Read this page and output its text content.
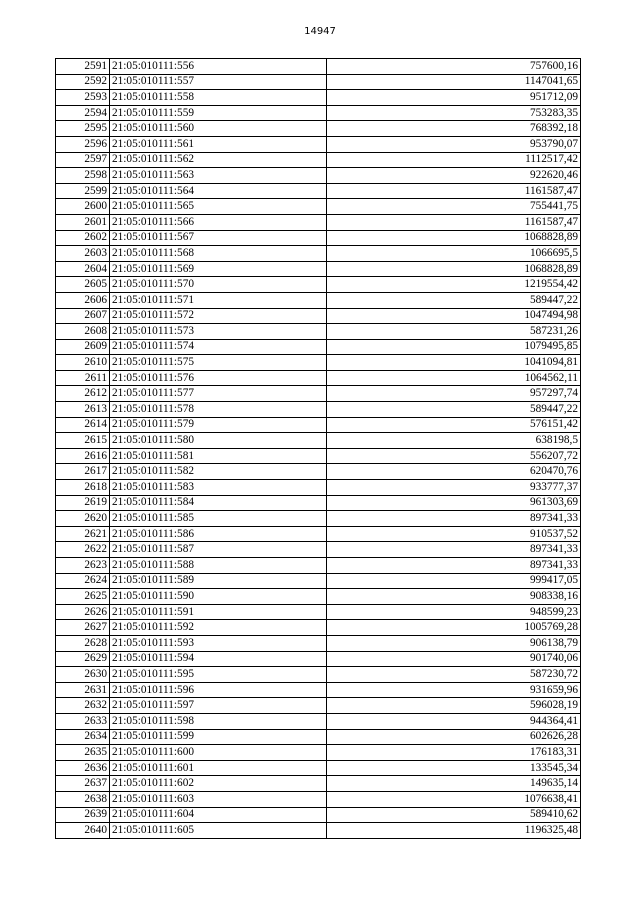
14947
2591	21:05:010111:556	757600,16
2592	21:05:010111:557	1147041,65
2593	21:05:010111:558	951712,09
2594	21:05:010111:559	753283,35
2595	21:05:010111:560	768392,18
2596	21:05:010111:561	953790,07
2597	21:05:010111:562	1112517,42
2598	21:05:010111:563	922620,46
2599	21:05:010111:564	1161587,47
2600	21:05:010111:565	755441,75
2601	21:05:010111:566	1161587,47
2602	21:05:010111:567	1068828,89
2603	21:05:010111:568	1066695,5
2604	21:05:010111:569	1068828,89
2605	21:05:010111:570	1219554,42
2606	21:05:010111:571	589447,22
2607	21:05:010111:572	1047494,98
2608	21:05:010111:573	587231,26
2609	21:05:010111:574	1079495,85
2610	21:05:010111:575	1041094,81
2611	21:05:010111:576	1064562,11
2612	21:05:010111:577	957297,74
2613	21:05:010111:578	589447,22
2614	21:05:010111:579	576151,42
2615	21:05:010111:580	638198,5
2616	21:05:010111:581	556207,72
2617	21:05:010111:582	620470,76
2618	21:05:010111:583	933777,37
2619	21:05:010111:584	961303,69
2620	21:05:010111:585	897341,33
2621	21:05:010111:586	910537,52
2622	21:05:010111:587	897341,33
2623	21:05:010111:588	897341,33
2624	21:05:010111:589	999417,05
2625	21:05:010111:590	908338,16
2626	21:05:010111:591	948599,23
2627	21:05:010111:592	1005769,28
2628	21:05:010111:593	906138,79
2629	21:05:010111:594	901740,06
2630	21:05:010111:595	587230,72
2631	21:05:010111:596	931659,96
2632	21:05:010111:597	596028,19
2633	21:05:010111:598	944364,41
2634	21:05:010111:599	602626,28
2635	21:05:010111:600	176183,31
2636	21:05:010111:601	133545,34
2637	21:05:010111:602	149635,14
2638	21:05:010111:603	1076638,41
2639	21:05:010111:604	589410,62
2640	21:05:010111:605	1196325,48
